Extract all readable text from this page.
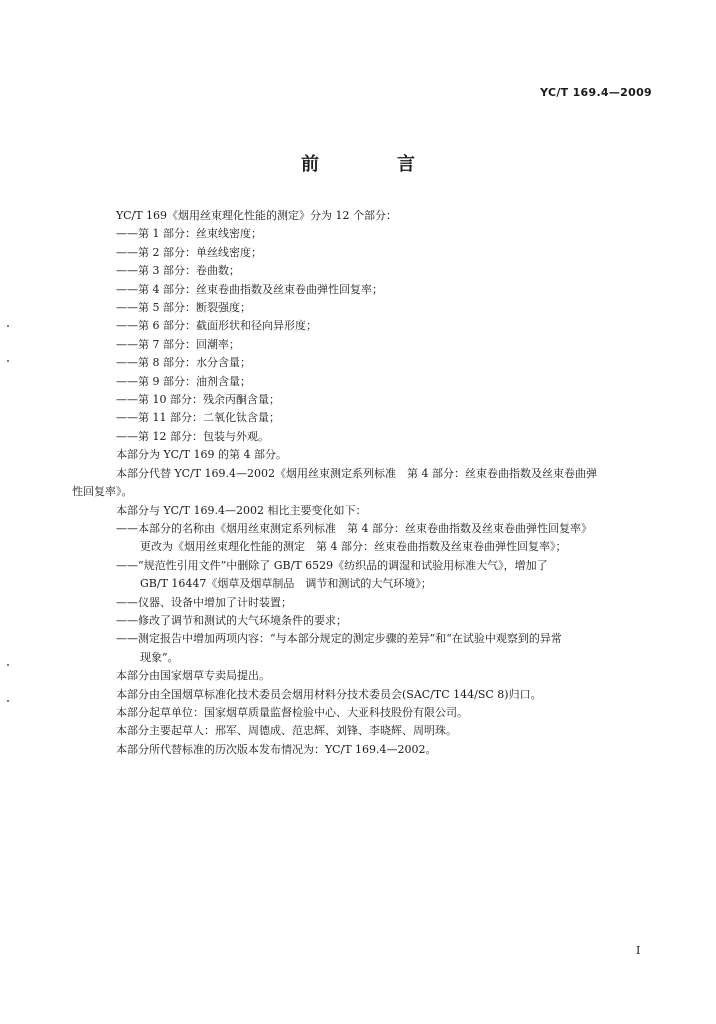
YC/T 169.4—2009
前　言

YC/T 169《烟用丝束理化性能的测定》分为 12 个部分：

——第 1 部分：丝束线密度；

——第 2 部分：单丝线密度；

——第 3 部分：卷曲数；

——第 4 部分：丝束卷曲指数及丝束卷曲弹性回复率；

——第 5 部分：断裂强度；

——第 6 部分：截面形状和径向异形度；

——第 7 部分：回潮率；

——第 8 部分：水分含量；

——第 9 部分：油剂含量；

——第 10 部分：残余丙酮含量；

——第 11 部分：二氧化钛含量；

——第 12 部分：包装与外观。

本部分为 YC/T 169 的第 4 部分。

本部分代替 YC/T 169.4—2002《烟用丝束测定系列标准　第 4 部分：丝束卷曲指数及丝束卷曲弹
性回复率》。

本部分与 YC/T 169.4—2002 相比主要变化如下：

——本部分的名称由《烟用丝束测定系列标准　第 4 部分：丝束卷曲指数及丝束卷曲弹性回复率》
更改为《烟用丝束理化性能的测定　第 4 部分：丝束卷曲指数及丝束卷曲弹性回复率》；

——“规范性引用文件”中删除了 GB/T 6529《纺织品的调湿和试验用标准大气》，增加了
GB/T 16447《烟草及烟草制品　调节和测试的大气环境》；

——仪器、设备中增加了计时装置；

——修改了调节和测试的大气环境条件的要求；

——测定报告中增加两项内容：“与本部分规定的测定步骤的差异”和“在试验中观察到的异常
现象”。

本部分由国家烟草专卖局提出。

本部分由全国烟草标准化技术委员会烟用材料分技术委员会(SAC/TC 144/SC 8)归口。

本部分起草单位：国家烟草质量监督检验中心、大亚科技股份有限公司。

本部分主要起草人：邢军、周德成、范忠辉、刘锋、李晓辉、周明珠。

本部分所代替标准的历次版本发布情况为：YC/T 169.4—2002。

I
